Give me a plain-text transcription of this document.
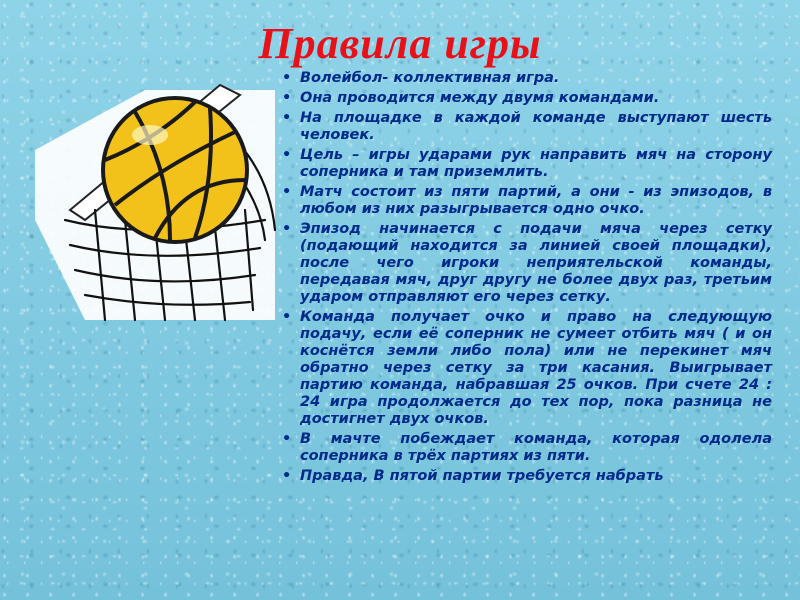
Правила игры
• Волейбол- коллективная игра.
• Она проводится между двумя командами.
• На площадке в каждой команде выступают шесть человек.
• Цель – игры ударами рук направить мяч на сторону соперника и там приземлить.
• Матч состоит из пяти партий, а они - из эпизодов, в любом из них разыгрывается одно очко.
• Эпизод начинается с подачи мяча через сетку (подающий находится за линией своей площадки), после чего игроки неприятельской команды, передавая мяч, друг другу не более двух раз, третьим ударом отправляют его через сетку.
• Команда получает очко и право на следующую подачу, если её соперник не сумеет отбить мяч ( и он коснётся земли либо пола) или не перекинет мяч обратно через сетку за три касания. Выигрывает партию команда, набравшая 25 очков. При счете 24 : 24 игра продолжается до тех пор, пока разница не достигнет двух очков.
• В мачте побеждает команда, которая одолела соперника в трёх партиях из пяти.
• Правда, В пятой партии требуется набрать
